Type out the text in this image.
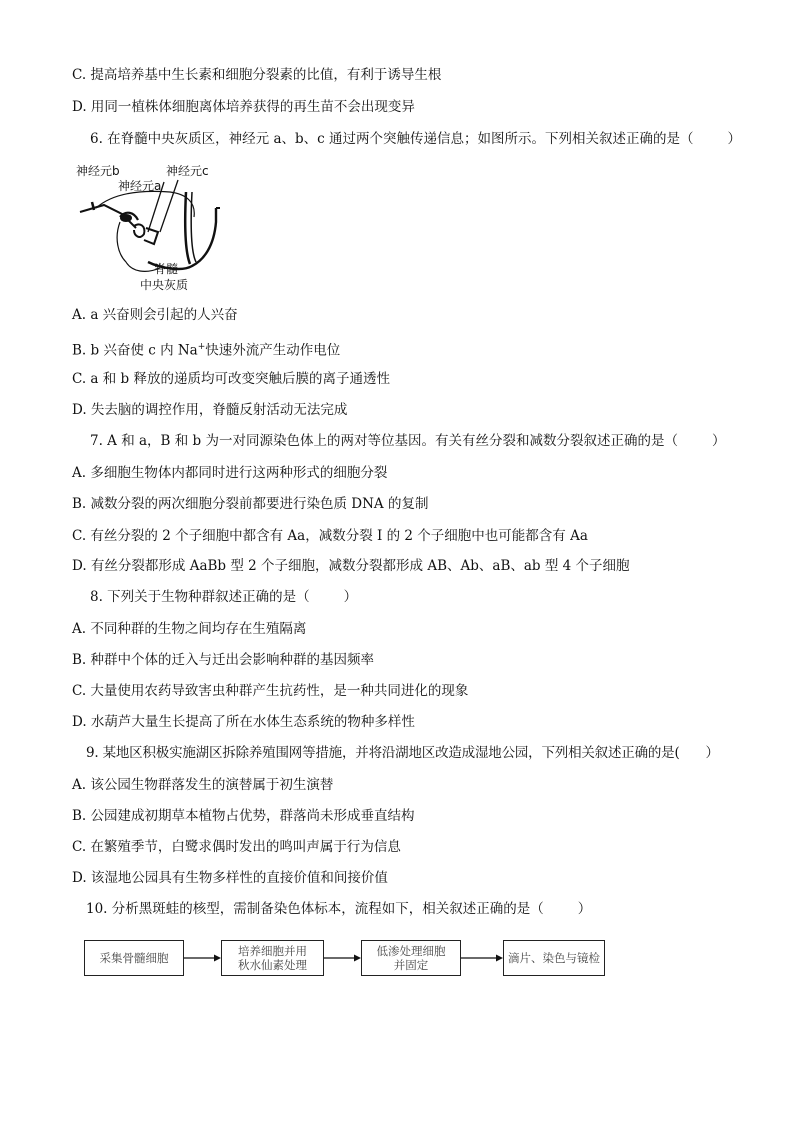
C. 提高培养基中生长素和细胞分裂素的比值，有利于诱导生根
D. 用同一植株体细胞离体培养获得的再生苗不会出现变异
6. 在脊髓中央灰质区，神经元 a、b、c 通过两个突触传递信息；如图所示。下列相关叙述正确的是（	）
神经元b
神经元a
神经元c
脊髓
中央灰质
A. a 兴奋则会引起的人兴奋
B. b 兴奋使 c 内 Na+快速外流产生动作电位
C. a 和 b 释放的递质均可改变突触后膜的离子通透性
D. 失去脑的调控作用，脊髓反射活动无法完成
7. A 和 a，B 和 b 为一对同源染色体上的两对等位基因。有关有丝分裂和减数分裂叙述正确的是（	）
A. 多细胞生物体内都同时进行这两种形式的细胞分裂
B. 减数分裂的两次细胞分裂前都要进行染色质 DNA 的复制
C. 有丝分裂的 2 个子细胞中都含有 Aa，减数分裂 Ⅰ 的 2 个子细胞中也可能都含有 Aa
D. 有丝分裂都形成 AaBb 型 2 个子细胞，减数分裂都形成 AB、Ab、aB、ab 型 4 个子细胞
8. 下列关于生物种群叙述正确的是（	）
A. 不同种群的生物之间均存在生殖隔离
B. 种群中个体的迁入与迁出会影响种群的基因频率
C. 大量使用农药导致害虫种群产生抗药性，是一种共同进化的现象
D. 水葫芦大量生长提高了所在水体生态系统的物种多样性
9. 某地区积极实施湖区拆除养殖围网等措施，并将沿湖地区改造成湿地公园，下列相关叙述正确的是( ）
A. 该公园生物群落发生的演替属于初生演替
B. 公园建成初期草本植物占优势，群落尚未形成垂直结构
C. 在繁殖季节，白鹭求偶时发出的鸣叫声属于行为信息
D. 该湿地公园具有生物多样性的直接价值和间接价值
10. 分析黑斑蛙的核型，需制备染色体标本，流程如下，相关叙述正确的是（	）
采集骨髓细胞	培养细胞并用
秋水仙素处理
低渗处理细胞
并固定	滴片、染色与镜检
